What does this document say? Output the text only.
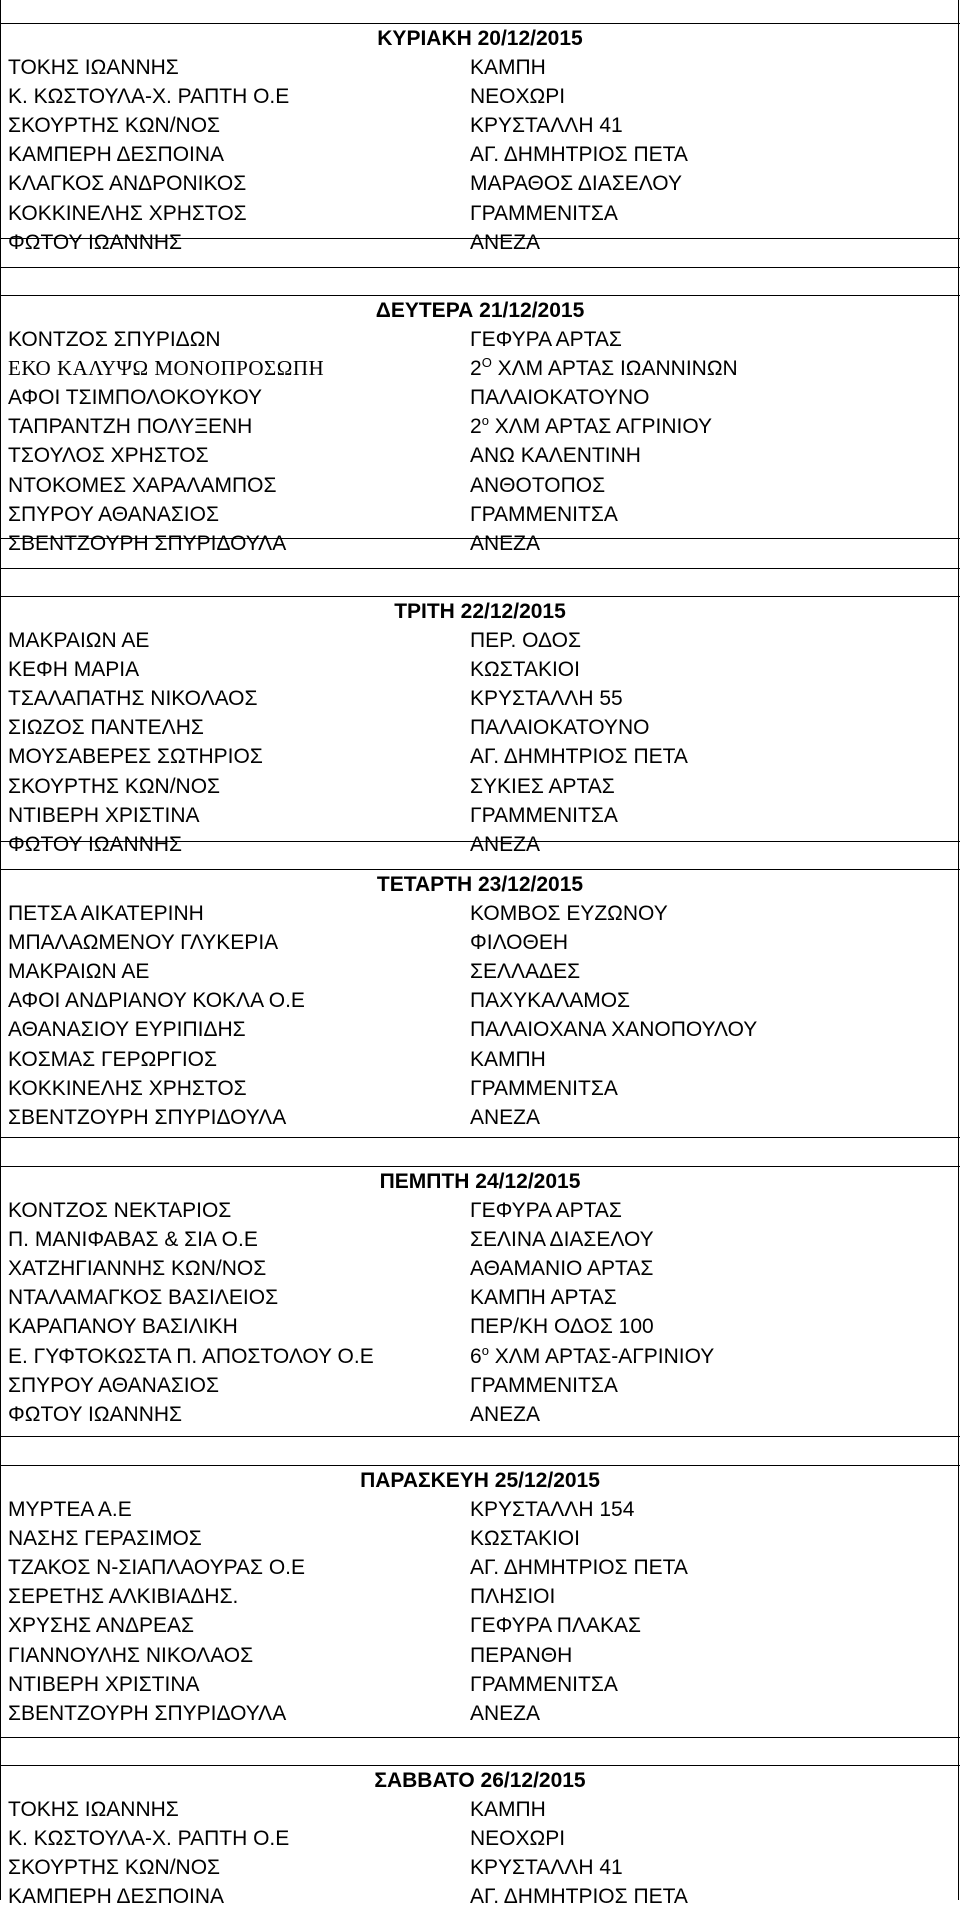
ΚΥΡΙΑΚΗ 20/12/2015
ΤΟΚΗΣ ΙΩΑΝΝΗΣ	ΚΑΜΠΗ
Κ. ΚΩΣΤΟΥΛΑ-Χ. ΡΑΠΤΗ Ο.Ε	ΝΕΟΧΩΡΙ
ΣΚΟΥΡΤΗΣ ΚΩΝ/ΝΟΣ	ΚΡΥΣΤΑΛΛΗ 41
ΚΑΜΠΕΡΗ ΔΕΣΠΟΙΝΑ	ΑΓ. ΔΗΜΗΤΡΙΟΣ ΠΕΤΑ
ΚΛΑΓΚΟΣ ΑΝΔΡΟΝΙΚΟΣ	ΜΑΡΑΘΟΣ ΔΙΑΣΕΛΟΥ
ΚΟΚΚΙΝΕΛΗΣ ΧΡΗΣΤΟΣ	ΓΡΑΜΜΕΝΙΤΣΑ
ΦΩΤΟΥ ΙΩΑΝΝΗΣ	ΑΝΕΖΑ
ΔΕΥΤΕΡΑ 21/12/2015
ΚΟΝΤΖΟΣ ΣΠΥΡΙΔΩΝ	ΓΕΦΥΡΑ ΑΡΤΑΣ
ΕΚΟ ΚΑΛΥΨΩ ΜΟΝΟΠΡΟΣΩΠΗ	$2^O$ ΧΛΜ ΑΡΤΑΣ ΙΩΑΝΝΙΝΩΝ
ΑΦΟΙ ΤΣΙΜΠΟΛΟΚΟΥΚΟΥ	ΠΑΛΑΙΟΚΑΤΟΥΝΟ
ΤΑΠΡΑΝΤΖΗ ΠΟΛΥΞΕΝΗ	$2^o$ ΧΛΜ ΑΡΤΑΣ ΑΓΡΙΝΙΟΥ
ΤΣΟΥΛΟΣ ΧΡΗΣΤΟΣ	ΑΝΩ ΚΑΛΕΝΤΙΝΗ
ΝΤΟΚΟΜΕΣ ΧΑΡΑΛΑΜΠΟΣ	ΑΝΘΟΤΟΠΟΣ
ΣΠΥΡΟΥ ΑΘΑΝΑΣΙΟΣ	ΓΡΑΜΜΕΝΙΤΣΑ
ΣΒΕΝΤΖΟΥΡΗ ΣΠΥΡΙΔΟΥΛΑ	ΑΝΕΖΑ
ΤΡΙΤΗ 22/12/2015
ΜΑΚΡΑΙΩΝ ΑΕ	ΠΕΡ. ΟΔΟΣ
ΚΕΦΗ ΜΑΡΙΑ	ΚΩΣΤΑΚΙΟΙ
ΤΣΑΛΑΠΑΤΗΣ ΝΙΚΟΛΑΟΣ	ΚΡΥΣΤΑΛΛΗ 55
ΣΙΩΖΟΣ ΠΑΝΤΕΛΗΣ	ΠΑΛΑΙΟΚΑΤΟΥΝΟ
ΜΟΥΣΑΒΕΡΕΣ ΣΩΤΗΡΙΟΣ	ΑΓ. ΔΗΜΗΤΡΙΟΣ ΠΕΤΑ
ΣΚΟΥΡΤΗΣ ΚΩΝ/ΝΟΣ	ΣΥΚΙΕΣ ΑΡΤΑΣ
ΝΤΙΒΕΡΗ ΧΡΙΣΤΙΝΑ	ΓΡΑΜΜΕΝΙΤΣΑ
ΦΩΤΟΥ ΙΩΑΝΝΗΣ	ΑΝΕΖΑ
ΤΕΤΑΡΤΗ 23/12/2015
ΠΕΤΣΑ ΑΙΚΑΤΕΡΙΝΗ	ΚΟΜΒΟΣ ΕΥΖΩΝΟΥ
ΜΠΑΛΑΩΜΕΝΟΥ ΓΛΥΚΕΡΙΑ	ΦΙΛΟΘΕΗ
ΜΑΚΡΑΙΩΝ ΑΕ	ΣΕΛΛΑΔΕΣ
ΑΦΟΙ ΑΝΔΡΙΑΝΟΥ ΚΟΚΛΑ Ο.Ε	ΠΑΧΥΚΑΛΑΜΟΣ
ΑΘΑΝΑΣΙΟΥ ΕΥΡΙΠΙΔΗΣ	ΠΑΛΑΙΟΧΑΝΑ ΧΑΝΟΠΟΥΛΟΥ
ΚΟΣΜΑΣ ΓΕΡΩΡΓΙΟΣ	ΚΑΜΠΗ
ΚΟΚΚΙΝΕΛΗΣ ΧΡΗΣΤΟΣ	ΓΡΑΜΜΕΝΙΤΣΑ
ΣΒΕΝΤΖΟΥΡΗ ΣΠΥΡΙΔΟΥΛΑ	ΑΝΕΖΑ
ΠΕΜΠΤΗ 24/12/2015
ΚΟΝΤΖΟΣ ΝΕΚΤΑΡΙΟΣ	ΓΕΦΥΡΑ ΑΡΤΑΣ
Π. ΜΑΝΙΦΑΒΑΣ & ΣΙΑ Ο.Ε	ΣΕΛΙΝΑ ΔΙΑΣΕΛΟΥ
ΧΑΤΖΗΓΙΑΝΝΗΣ ΚΩΝ/ΝΟΣ	ΑΘΑΜΑΝΙΟ ΑΡΤΑΣ
ΝΤΑΛΑΜΑΓΚΟΣ ΒΑΣΙΛΕΙΟΣ	ΚΑΜΠΗ ΑΡΤΑΣ
ΚΑΡΑΠΑΝΟΥ ΒΑΣΙΛΙΚΗ	ΠΕΡ/ΚΗ ΟΔΟΣ 100
Ε. ΓΥΦΤΟΚΩΣΤΑ Π. ΑΠΟΣΤΟΛΟΥ Ο.Ε	$6^o$ ΧΛΜ ΑΡΤΑΣ-ΑΓΡΙΝΙΟΥ
ΣΠΥΡΟΥ ΑΘΑΝΑΣΙΟΣ	ΓΡΑΜΜΕΝΙΤΣΑ
ΦΩΤΟΥ ΙΩΑΝΝΗΣ	ΑΝΕΖΑ
ΠΑΡΑΣΚΕΥΗ 25/12/2015
ΜΥΡΤΕΑ Α.Ε	ΚΡΥΣΤΑΛΛΗ 154
ΝΑΣΗΣ ΓΕΡΑΣΙΜΟΣ	ΚΩΣΤΑΚΙΟΙ
ΤΖΑΚΟΣ Ν-ΣΙΑΠΛΑΟΥΡΑΣ Ο.Ε	ΑΓ. ΔΗΜΗΤΡΙΟΣ ΠΕΤΑ
ΣΕΡΕΤΗΣ ΑΛΚΙΒΙΑΔΗΣ.	ΠΛΗΣΙΟΙ
ΧΡΥΣΗΣ ΑΝΔΡΕΑΣ	ΓΕΦΥΡΑ ΠΛΑΚΑΣ
ΓΙΑΝΝΟΥΛΗΣ ΝΙΚΟΛΑΟΣ	ΠΕΡΑΝΘΗ
ΝΤΙΒΕΡΗ ΧΡΙΣΤΙΝΑ	ΓΡΑΜΜΕΝΙΤΣΑ
ΣΒΕΝΤΖΟΥΡΗ ΣΠΥΡΙΔΟΥΛΑ	ΑΝΕΖΑ
ΣΑΒΒΑΤΟ 26/12/2015
ΤΟΚΗΣ ΙΩΑΝΝΗΣ	ΚΑΜΠΗ
Κ. ΚΩΣΤΟΥΛΑ-Χ. ΡΑΠΤΗ Ο.Ε	ΝΕΟΧΩΡΙ
ΣΚΟΥΡΤΗΣ ΚΩΝ/ΝΟΣ	ΚΡΥΣΤΑΛΛΗ 41
ΚΑΜΠΕΡΗ ΔΕΣΠΟΙΝΑ	ΑΓ. ΔΗΜΗΤΡΙΟΣ ΠΕΤΑ
